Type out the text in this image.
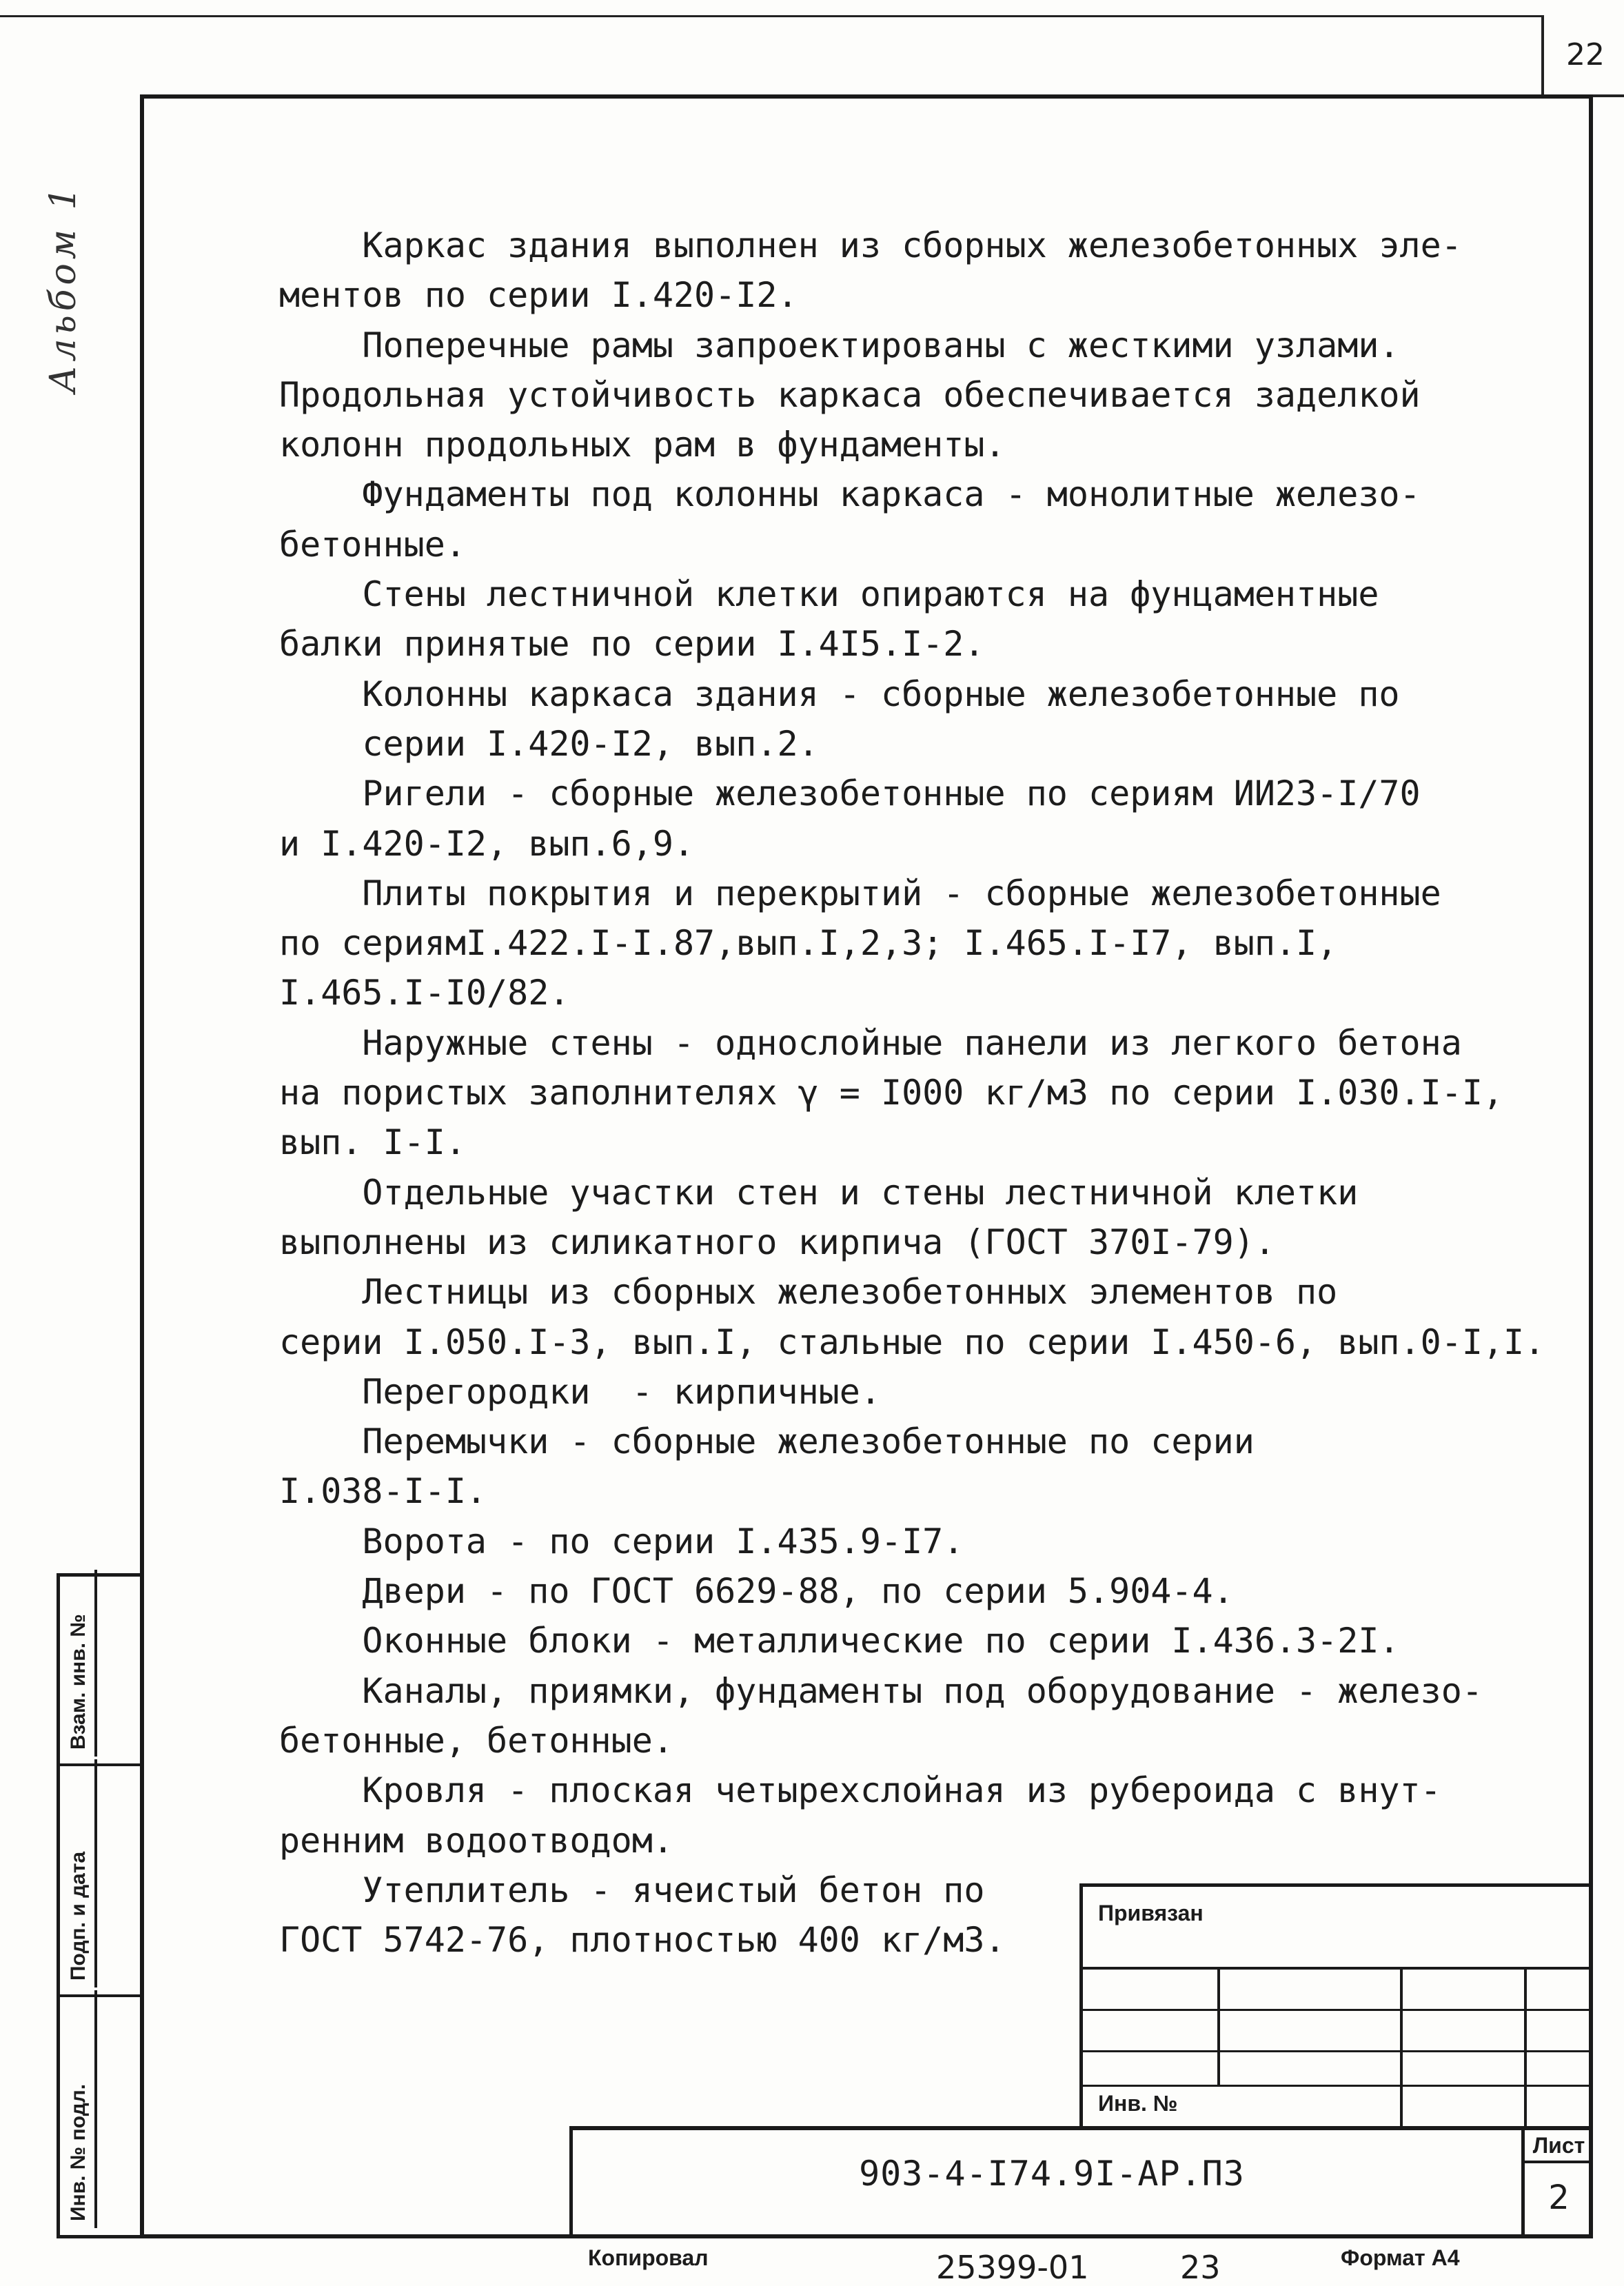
22
Альбом 1
Взам. инв. №
Подп. и дата
Инв. № подл.
Каркас здания выполнен из сборных железобетонных эле-
ментов по серии I.420-I2.
Поперечные рамы запроектированы с жесткими узлами.
Продольная устойчивость каркаса обеспечивается заделкой
колонн продольных рам в фундаменты.
Фундаменты под колонны каркаса - монолитные железо-
бетонные.
Стены лестничной клетки опираются на фунцаментные
балки принятые по серии I.4I5.I-2.
Колонны каркаса здания - сборные железобетонные по
серии I.420-I2, вып.2.
Ригели - сборные железобетонные по сериям ИИ23-I/70
и I.420-I2, вып.6,9.
Плиты покрытия и перекрытий - сборные железобетонные
по сериямI.422.I-I.87,вып.I,2,3; I.465.I-I7, вып.I,
I.465.I-I0/82.
Наружные стены - однослойные панели из легкого бетона
на пористых заполнителях γ = I000 кг/м3 по серии I.030.I-I,
вып. I-I.
Отдельные участки стен и стены лестничной клетки
выполнены из силикатного кирпича (ГОСТ 370I-79).
Лестницы из сборных железобетонных элементов по
серии I.050.I-3, вып.I, стальные по серии I.450-6, вып.0-I,I.
Перегородки  - кирпичные.
Перемычки - сборные железобетонные по серии
I.038-I-I.
Ворота - по серии I.435.9-I7.
Двери - по ГОСТ 6629-88, по серии 5.904-4.
Оконные блоки - металлические по серии I.436.3-2I.
Каналы, приямки, фундаменты под оборудование - железо-
бетонные, бетонные.
Кровля - плоская четырехслойная из рубероида с внут-
ренним водоотводом.
Утеплитель - ячеистый бетон по
ГОСТ 5742-76, плотностью 400 кг/м3.
Привязан
Инв. №
903-4-I74.9I-АР.ПЗ
Лист
2
Копировал	25399-01	23	Формат А4
